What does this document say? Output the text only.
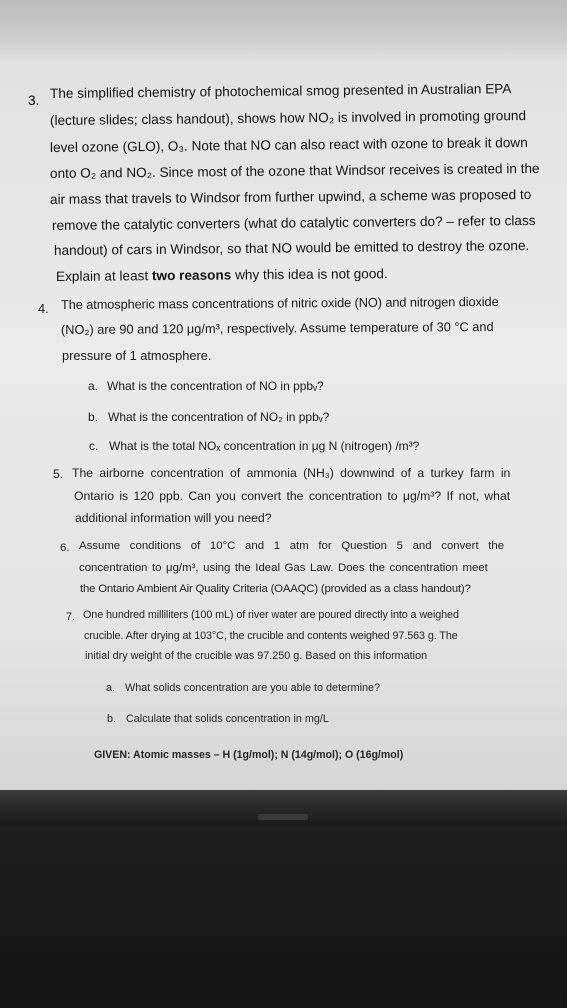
3. The simplified chemistry of photochemical smog presented in Australian EPA
(lecture slides; class handout), shows how NO₂ is involved in promoting ground
level ozone (GLO), O₃. Note that NO can also react with ozone to break it down
onto O₂ and NO₂. Since most of the ozone that Windsor receives is created in the
air mass that travels to Windsor from further upwind, a scheme was proposed to
remove the catalytic converters (what do catalytic converters do? – refer to class
handout) of cars in Windsor, so that NO would be emitted to destroy the ozone.
Explain at least two reasons why this idea is not good.
4. The atmospheric mass concentrations of nitric oxide (NO) and nitrogen dioxide
(NO₂) are 90 and 120 μg/m³, respectively. Assume temperature of 30 °C and
pressure of 1 atmosphere.
a. What is the concentration of NO in ppbᵥ?
b. What is the concentration of NO₂ in ppbᵥ?
c. What is the total NOₓ concentration in μg N (nitrogen) /m³?
5. The airborne concentration of ammonia (NH₃) downwind of a turkey farm in
Ontario is 120 ppb. Can you convert the concentration to μg/m³? If not, what
additional information will you need?
6. Assume conditions of 10°C and 1 atm for Question 5 and convert the
concentration to μg/m³, using the Ideal Gas Law. Does the concentration meet
the Ontario Ambient Air Quality Criteria (OAAQC) (provided as a class handout)?
7. One hundred milliliters (100 mL) of river water are poured directly into a weighed
crucible. After drying at 103°C, the crucible and contents weighed 97.563 g. The
initial dry weight of the crucible was 97.250 g. Based on this information
a. What solids concentration are you able to determine?
b. Calculate that solids concentration in mg/L
GIVEN: Atomic masses – H (1g/mol); N (14g/mol); O (16g/mol)
